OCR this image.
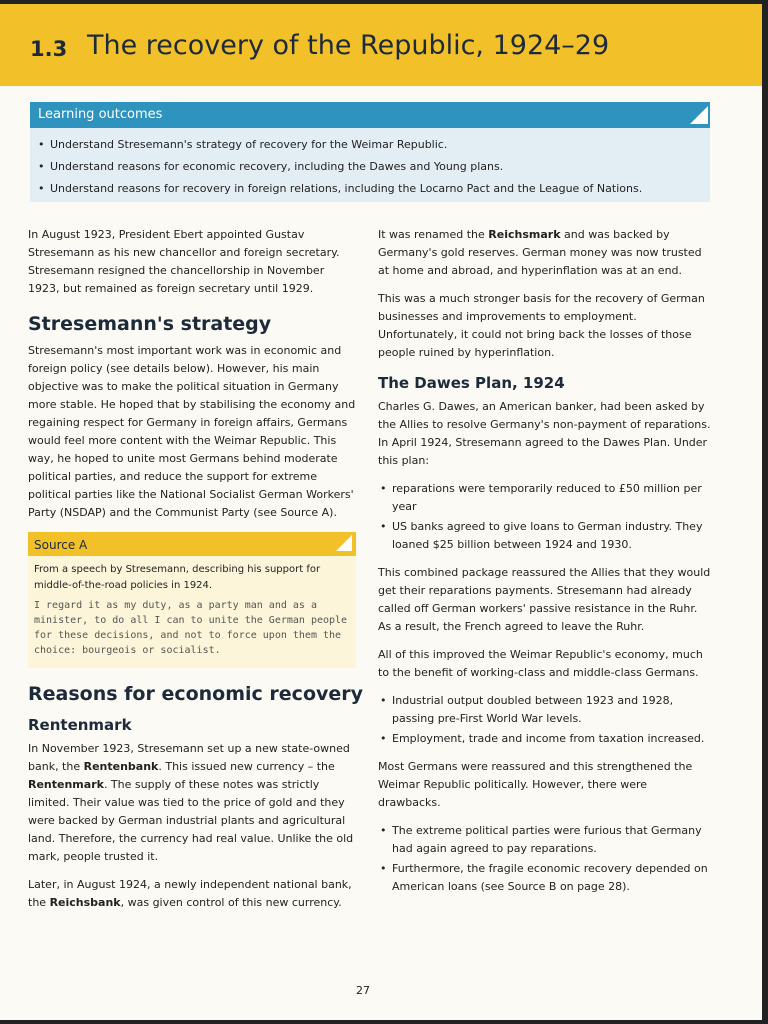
1.3 The recovery of the Republic, 1924–29
Learning outcomes
• Understand Stresemann's strategy of recovery for the Weimar Republic.
• Understand reasons for economic recovery, including the Dawes and Young plans.
• Understand reasons for recovery in foreign relations, including the Locarno Pact and the League of Nations.

In August 1923, President Ebert appointed Gustav Stresemann as his new chancellor and foreign secretary. Stresemann resigned the chancellorship in November 1923, but remained as foreign secretary until 1929.

Stresemann's strategy

Stresemann's most important work was in economic and foreign policy (see details below). However, his main objective was to make the political situation in Germany more stable. He hoped that by stabilising the economy and regaining respect for Germany in foreign affairs, Germans would feel more content with the Weimar Republic. This way, he hoped to unite most Germans behind moderate political parties, and reduce the support for extreme political parties like the National Socialist German Workers' Party (NSDAP) and the Communist Party (see Source A).

Source A
From a speech by Stresemann, describing his support for middle-of-the-road policies in 1924.
I regard it as my duty, as a party man and as a minister, to do all I can to unite the German people for these decisions, and not to force upon them the choice: bourgeois or socialist.
Reasons for economic recovery
Rentenmark

In November 1923, Stresemann set up a new state-owned bank, the Rentenbank. This issued new currency – the Rentenmark. The supply of these notes was strictly limited. Their value was tied to the price of gold and they were backed by German industrial plants and agricultural land. Therefore, the currency had real value. Unlike the old mark, people trusted it.

Later, in August 1924, a newly independent national bank, the Reichsbank, was given control of this new currency.

It was renamed the Reichsmark and was backed by Germany's gold reserves. German money was now trusted at home and abroad, and hyperinflation was at an end.

This was a much stronger basis for the recovery of German businesses and improvements to employment. Unfortunately, it could not bring back the losses of those people ruined by hyperinflation.

The Dawes Plan, 1924

Charles G. Dawes, an American banker, had been asked by the Allies to resolve Germany's non-payment of reparations. In April 1924, Stresemann agreed to the Dawes Plan. Under this plan:

• reparations were temporarily reduced to £50 million per year
• US banks agreed to give loans to German industry. They loaned $25 billion between 1924 and 1930.

This combined package reassured the Allies that they would get their reparations payments. Stresemann had already called off German workers' passive resistance in the Ruhr. As a result, the French agreed to leave the Ruhr.

All of this improved the Weimar Republic's economy, much to the benefit of working-class and middle-class Germans.

• Industrial output doubled between 1923 and 1928, passing pre-First World War levels.
• Employment, trade and income from taxation increased.

Most Germans were reassured and this strengthened the Weimar Republic politically. However, there were drawbacks.

• The extreme political parties were furious that Germany had again agreed to pay reparations.
• Furthermore, the fragile economic recovery depended on American loans (see Source B on page 28).
27
